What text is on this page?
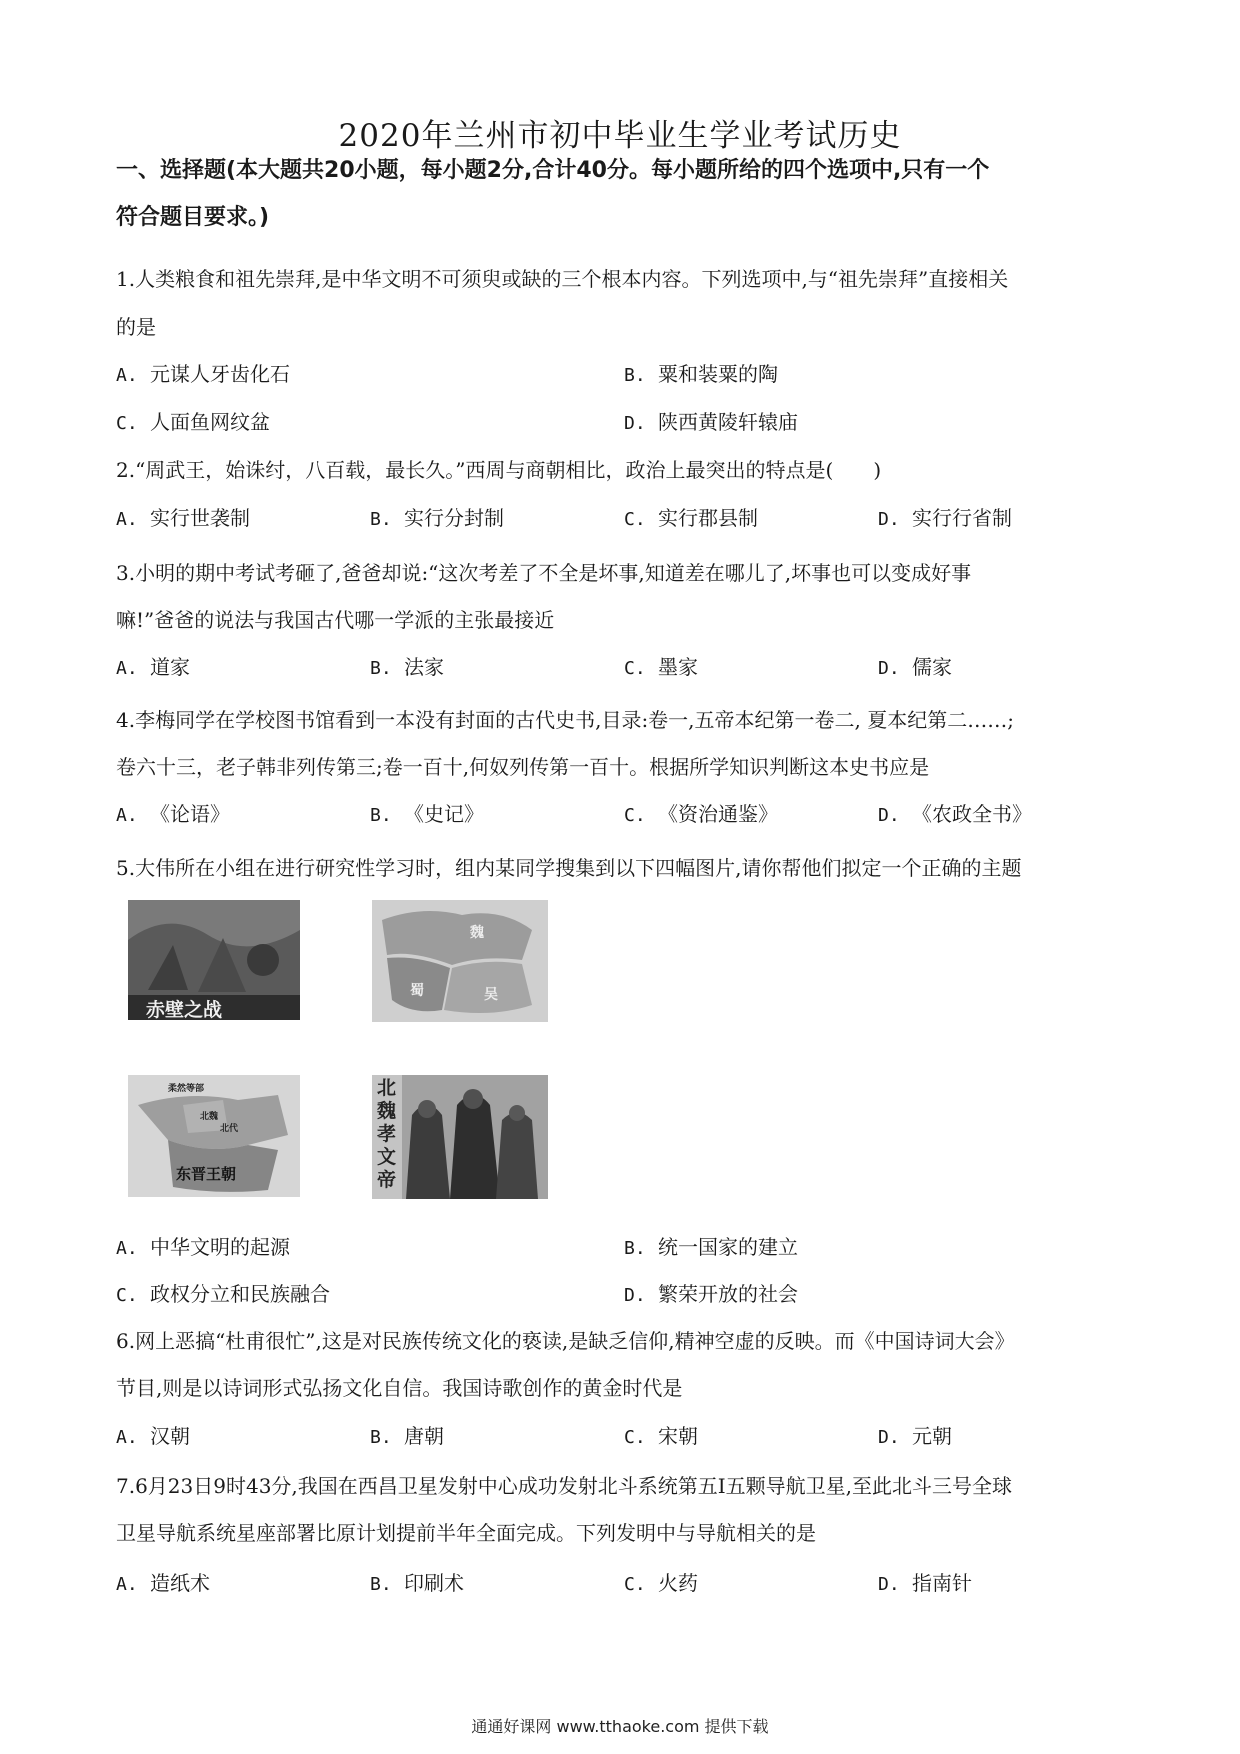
2020年兰州市初中毕业生学业考试历史
一、选择题(本大题共20小题，每小题2分,合计40分。每小题所给的四个选项中,只有一个
符合题目要求。)
1.人类粮食和祖先崇拜,是中华文明不可须臾或缺的三个根本内容。下列选项中,与“祖先崇拜”直接相关
的是
A. 元谋人牙齿化石	B. 粟和装粟的陶
C. 人面鱼网纹盆	D. 陕西黄陵轩辕庙
2.“周武王，始诛纣，八百载，最长久。”西周与商朝相比，政治上最突出的特点是(　　)
A. 实行世袭制	B. 实行分封制	C. 实行郡县制	D. 实行行省制
3.小明的期中考试考砸了,爸爸却说:“这次考差了不全是坏事,知道差在哪儿了,坏事也可以变成好事
嘛!”爸爸的说法与我国古代哪一学派的主张最接近
A. 道家	B. 法家	C. 墨家	D. 儒家
4.李梅同学在学校图书馆看到一本没有封面的古代史书,目录:卷一,五帝本纪第一卷二, 夏本纪第二……;
卷六十三，老子韩非列传第三;卷一百十,何奴列传第一百十。根据所学知识判断这本史书应是
A. 《论语》	B. 《史记》	C. 《资治通鉴》	D. 《农政全书》
5.大伟所在小组在进行研究性学习时，组内某同学搜集到以下四幅图片,请你帮他们拟定一个正确的主题
赤壁之战
魏
蜀	吴
柔然等部
北魏
北代
东晋王朝
北魏孝文帝
A. 中华文明的起源	B. 统一国家的建立
C. 政权分立和民族融合	D. 繁荣开放的社会
6.网上恶搞“杜甫很忙”,这是对民族传统文化的亵读,是缺乏信仰,精神空虚的反映。而《中国诗词大会》
节目,则是以诗词形式弘扬文化自信。我国诗歌创作的黄金时代是
A. 汉朝	B. 唐朝	C. 宋朝	D. 元朝
7.6月23日9时43分,我国在西昌卫星发射中心成功发射北斗系统第五Ⅰ五颗导航卫星,至此北斗三号全球
卫星导航系统星座部署比原计划提前半年全面完成。下列发明中与导航相关的是
A. 造纸术	B. 印刷术	C. 火药	D. 指南针
通通好课网 www.tthaoke.com 提供下载
